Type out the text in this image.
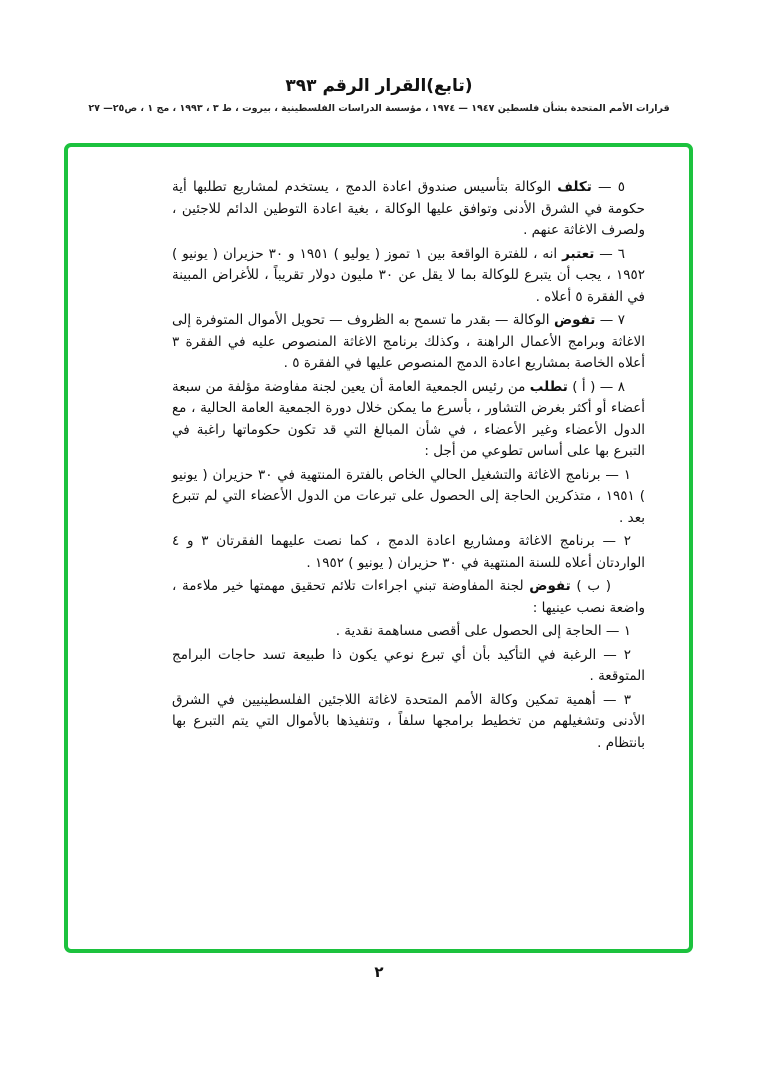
(تابع)القرار الرقم ٣٩٣
قرارات الأمم المتحدة بشأن فلسطين ١٩٤٧ — ١٩٧٤ ، مؤسسة الدراسات الفلسطينية ، بيروت ، ط ٣ ، ١٩٩٣ ، مج ١ ، ص٢٥— ٢٧

٥ — تكلف الوكالة بتأسيس صندوق اعادة الدمج ، يستخدم لمشاريع تطلبها أية حكومة في الشرق الأدنى وتوافق عليها الوكالة ، بغية اعادة التوطين الدائم للاجئين ، ولصرف الاغاثة عنهم .

٦ — تعتبر انه ، للفترة الواقعة بين ١ تموز ( يوليو ) ١٩٥١ و ٣٠ حزيران ( يونيو ) ١٩٥٢ ، يجب أن يتبرع للوكالة بما لا يقل عن ٣٠ مليون دولار تقريباً ، للأغراض المبينة في الفقرة ٥ أعلاه .

٧ — تفوض الوكالة — بقدر ما تسمح به الظروف — تحويل الأموال المتوفرة إلى الاغاثة وبرامج الأعمال الراهنة ، وكذلك برنامج الاغاثة المنصوص عليه في الفقرة ٣ أعلاه الخاصة بمشاريع اعادة الدمج المنصوص عليها في الفقرة ٥ .

٨ — ( أ ) تطلب من رئيس الجمعية العامة أن يعين لجنة مفاوضة مؤلفة من سبعة أعضاء أو أكثر بغرض التشاور ، بأسرع ما يمكن خلال دورة الجمعية العامة الحالية ، مع الدول الأعضاء وغير الأعضاء ، في شأن المبالغ التي قد تكون حكوماتها راغبة في التبرع بها على أساس تطوعي من أجل :

١ — برنامج الاغاثة والتشغيل الحالي الخاص بالفترة المنتهية في ٣٠ حزيران ( يونيو ) ١٩٥١ ، متذكرين الحاجة إلى الحصول على تبرعات من الدول الأعضاء التي لم تتبرع بعد .

٢ — برنامج الاغاثة ومشاريع اعادة الدمج ، كما نصت عليهما الفقرتان ٣ و ٤ الواردتان أعلاه للسنة المنتهية في ٣٠ حزيران ( يونيو ) ١٩٥٢ .

( ب ) تفوض لجنة المفاوضة تبني اجراءات تلائم تحقيق مهمتها خير ملاءمة ، واضعة نصب عينيها :

١ — الحاجة إلى الحصول على أقصى مساهمة نقدية .

٢ — الرغبة في التأكيد بأن أي تبرع نوعي يكون ذا طبيعة تسد حاجات البرامج المتوقعة .

٣ — أهمية تمكين وكالة الأمم المتحدة لاغاثة اللاجئين الفلسطينيين في الشرق الأدنى وتشغيلهم من تخطيط برامجها سلفاً ، وتنفيذها بالأموال التي يتم التبرع بها بانتظام .

٢
